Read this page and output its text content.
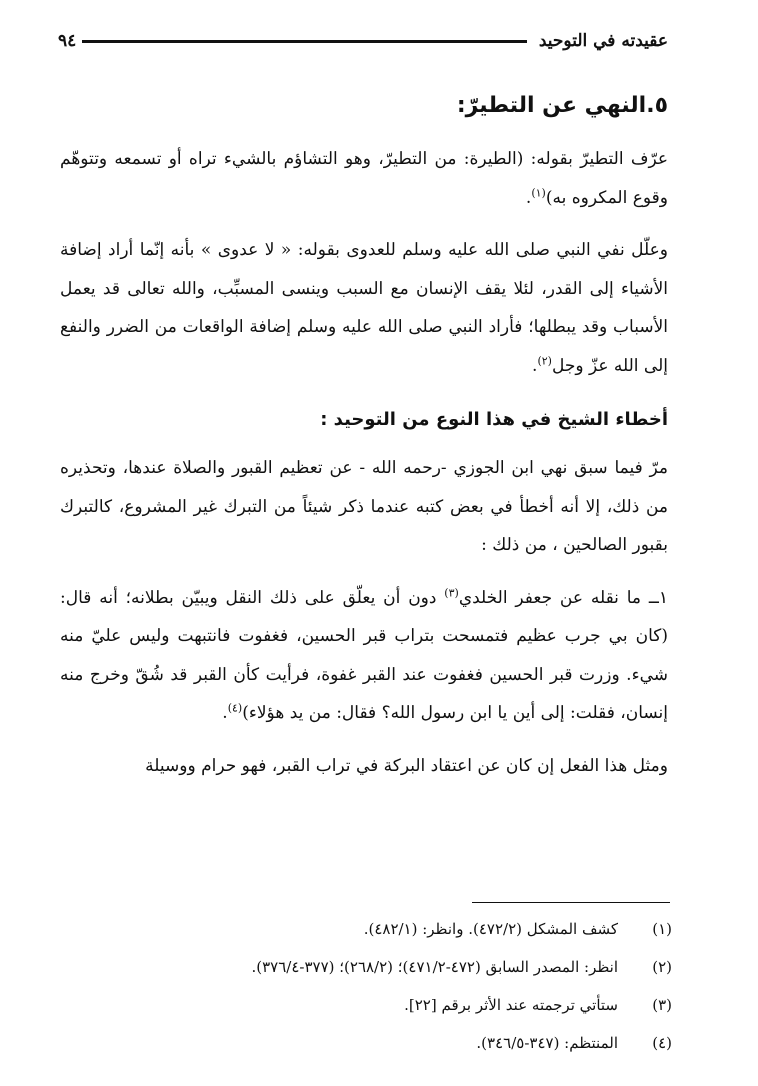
عقيدته في التوحيد
٩٤
٥.النهي عن التطيرّ:

عرّف التطيرّ بقوله: (الطيرة: من التطيرّ، وهو التشاؤم بالشيء تراه أو تسمعه وتتوهّم وقوع المكروه به)$^{(١)}$.

وعلّل نفي النبي صلى الله عليه وسلم للعدوى بقوله: « لا عدوى » بأنه إنّما أراد إضافة الأشياء إلى القدر، لئلا يقف الإنسان مع السبب وينسى المسبِّب، والله تعالى قد يعمل الأسباب وقد يبطلها؛ فأراد النبي صلى الله عليه وسلم إضافة الواقعات من الضرر والنفع إلى الله عزّ وجل$^{(٢)}$.

أخطاء الشيخ في هذا النوع من التوحيد :

مرّ فيما سبق نهي ابن الجوزي -رحمه الله - عن تعظيم القبور والصلاة عندها، وتحذيره من ذلك، إلا أنه أخطأ في بعض كتبه عندما ذكر شيئاً من التبرك غير المشروع، كالتبرك بقبور الصالحين ، من ذلك :

١ــ ما نقله عن جعفر الخلدي$^{(٣)}$ دون أن يعلّق على ذلك النقل ويبيّن بطلانه؛ أنه قال: (كان بي جرب عظيم فتمسحت بتراب قبر الحسين، فغفوت فانتبهت وليس عليّ منه شيء. وزرت قبر الحسين فغفوت عند القبر غفوة، فرأيت كأن القبر قد شُقّ وخرج منه إنسان، فقلت: إلى أين يا ابن رسول الله؟ فقال: من يد هؤلاء)$^{(٤)}$.

ومثل هذا الفعل إن كان عن اعتقاد البركة في تراب القبر، فهو حرام ووسيلة

(١)
كشف المشكل (٤٧٢/٢). وانظر: (٤٨٢/١).
(٢)
انظر: المصدر السابق (٤٧٢-٤٧١/٢)؛ (٢٦٨/٢)؛ (٣٧٧-٣٧٦/٤).
(٣)
ستأتي ترجمته عند الأثر برقم [٢٢].
(٤)
المنتظم: (٣٤٧-٣٤٦/٥).
